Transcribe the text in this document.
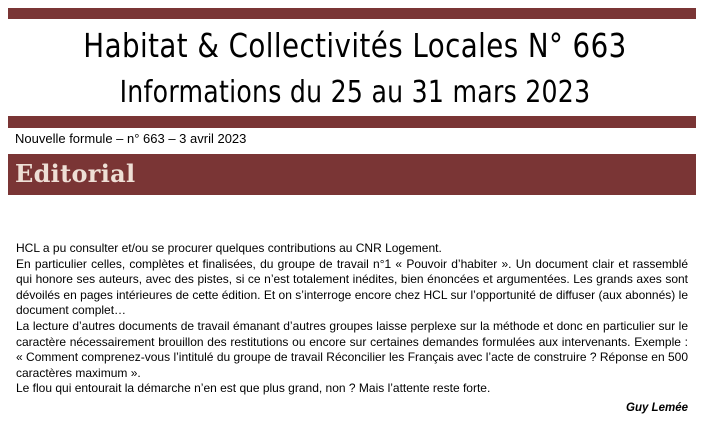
Habitat & Collectivités Locales N° 663
Informations du 25 au 31 mars 2023
Nouvelle formule – n° 663 – 3 avril 2023
Editorial

HCL a pu consulter et/ou se procurer quelques contributions au CNR Logement.

En particulier celles, complètes et finalisées, du groupe de travail n°1 « Pouvoir d’habiter ». Un document clair et rassemblé qui honore ses auteurs, avec des pistes, si ce n’est totalement inédites, bien énoncées et argumentées. Les grands axes sont dévoilés en pages intérieures de cette édition. Et on s’interroge encore chez HCL sur l’opportunité de diffuser (aux abonnés) le document complet…

La lecture d’autres documents de travail émanant d’autres groupes laisse perplexe sur la méthode et donc en particulier sur le caractère nécessairement brouillon des restitutions ou encore sur certaines demandes formulées aux intervenants. Exemple : « Comment comprenez-vous l’intitulé du groupe de travail Réconcilier les Français avec l’acte de construire ? Réponse en 500 caractères maximum ».

Le flou qui entourait la démarche n’en est que plus grand, non ? Mais l’attente reste forte.

Guy Lemée
